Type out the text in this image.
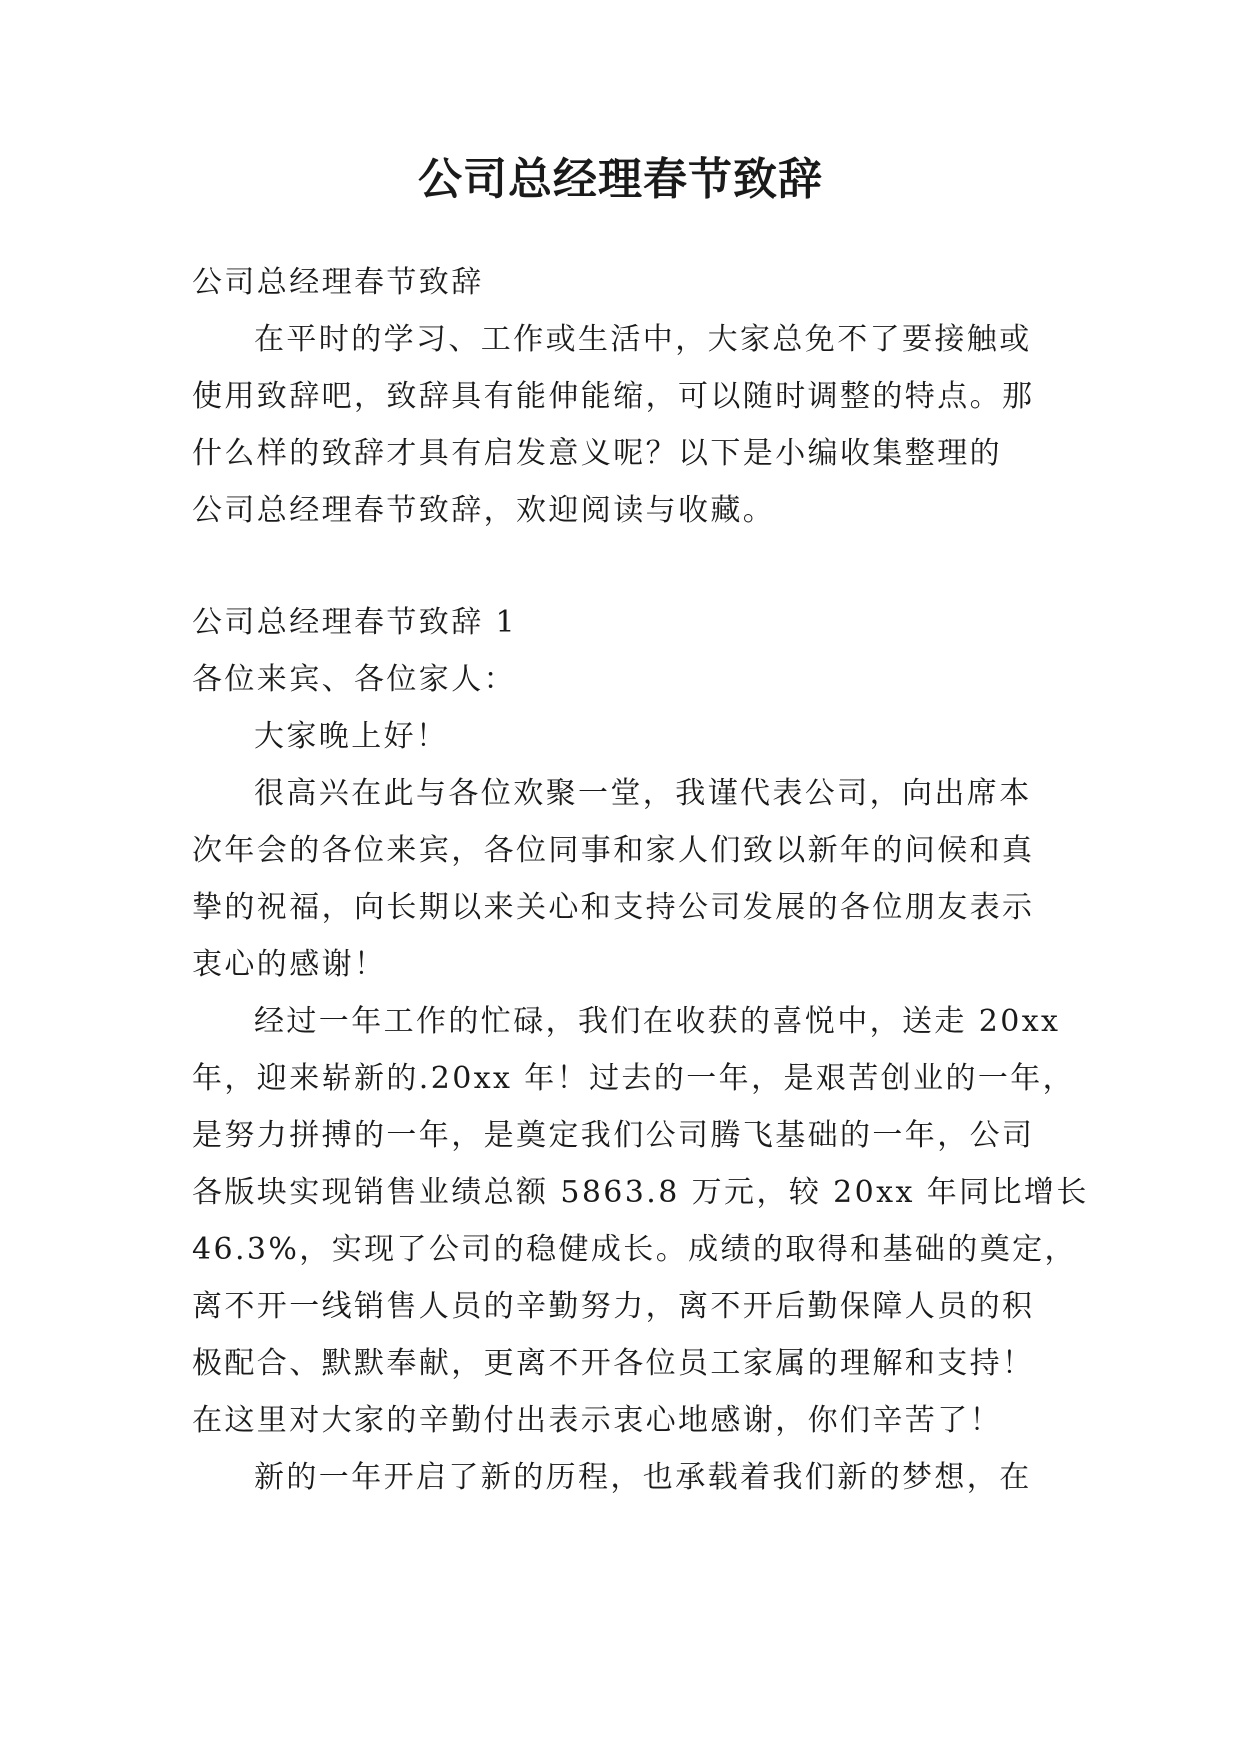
公司总经理春节致辞

公司总经理春节致辞

在平时的学习、工作或生活中，大家总免不了要接触或

使用致辞吧，致辞具有能伸能缩，可以随时调整的特点。那

什么样的致辞才具有启发意义呢？以下是小编收集整理的

公司总经理春节致辞，欢迎阅读与收藏。

公司总经理春节致辞 1

各位来宾、各位家人：

大家晚上好！

很高兴在此与各位欢聚一堂，我谨代表公司，向出席本

次年会的各位来宾，各位同事和家人们致以新年的问候和真

挚的祝福，向长期以来关心和支持公司发展的各位朋友表示

衷心的感谢！

经过一年工作的忙碌，我们在收获的喜悦中，送走 20xx

年，迎来崭新的.20xx 年！过去的一年，是艰苦创业的一年，

是努力拼搏的一年，是奠定我们公司腾飞基础的一年，公司

各版块实现销售业绩总额 5863.8 万元，较 20xx 年同比增长

46.3%，实现了公司的稳健成长。成绩的取得和基础的奠定，

离不开一线销售人员的辛勤努力，离不开后勤保障人员的积

极配合、默默奉献，更离不开各位员工家属的理解和支持！

在这里对大家的辛勤付出表示衷心地感谢，你们辛苦了！

新的一年开启了新的历程，也承载着我们新的梦想，在
